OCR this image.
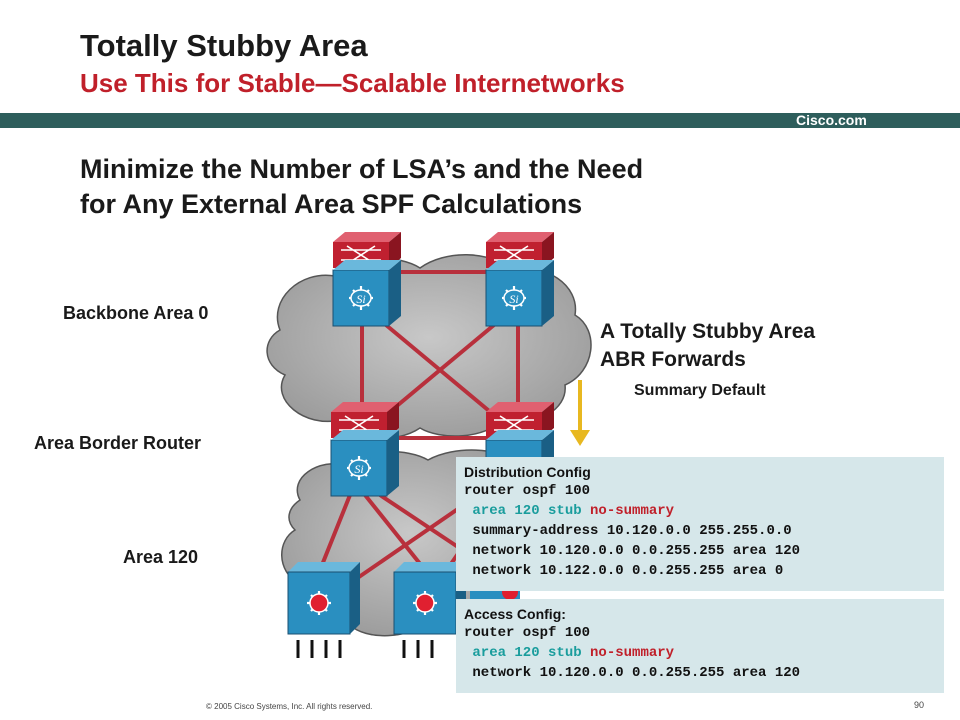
Totally Stubby Area
Use This for Stable—Scalable Internetworks
Cisco.com
Minimize the Number of LSA’s and the Need
for Any External Area SPF Calculations
Si	Si
Si
Backbone Area 0
Area Border Router
Area 120
A Totally Stubby Area
ABR Forwards
Summary Default
Distribution Config
router ospf 100
area 120 stub no-summary
summary-address 10.120.0.0 255.255.0.0
network 10.120.0.0 0.0.255.255 area 120
network 10.122.0.0 0.0.255.255 area 0
Access Config:
router ospf 100
area 120 stub no-summary
network 10.120.0.0 0.0.255.255 area 120
© 2005 Cisco Systems, Inc. All rights reserved.	90
